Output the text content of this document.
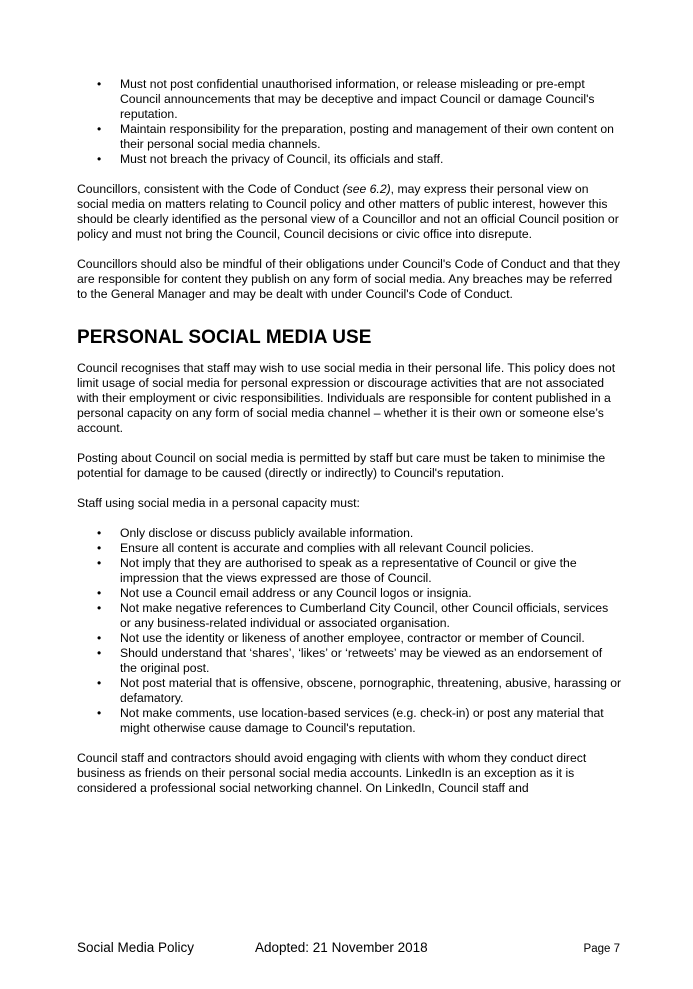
• Must not post confidential unauthorised information, or release misleading or pre-empt Council announcements that may be deceptive and impact Council or damage Council's reputation.
• Maintain responsibility for the preparation, posting and management of their own content on their personal social media channels.
• Must not breach the privacy of Council, its officials and staff.

Councillors, consistent with the Code of Conduct (see 6.2), may express their personal view on social media on matters relating to Council policy and other matters of public interest, however this should be clearly identified as the personal view of a Councillor and not an official Council position or policy and must not bring the Council, Council decisions or civic office into disrepute.

Councillors should also be mindful of their obligations under Council's Code of Conduct and that they are responsible for content they publish on any form of social media. Any breaches may be referred to the General Manager and may be dealt with under Council's Code of Conduct.

PERSONAL SOCIAL MEDIA USE

Council recognises that staff may wish to use social media in their personal life. This policy does not limit usage of social media for personal expression or discourage activities that are not associated with their employment or civic responsibilities. Individuals are responsible for content published in a personal capacity on any form of social media channel – whether it is their own or someone else’s account.

Posting about Council on social media is permitted by staff but care must be taken to minimise the potential for damage to be caused (directly or indirectly) to Council's reputation.

Staff using social media in a personal capacity must:

• Only disclose or discuss publicly available information.
• Ensure all content is accurate and complies with all relevant Council policies.
• Not imply that they are authorised to speak as a representative of Council or give the impression that the views expressed are those of Council.
• Not use a Council email address or any Council logos or insignia.
• Not make negative references to Cumberland City Council, other Council officials, services or any business-related individual or associated organisation.
• Not use the identity or likeness of another employee, contractor or member of Council.
• Should understand that ‘shares’, ‘likes’ or ‘retweets’ may be viewed as an endorsement of the original post.
• Not post material that is offensive, obscene, pornographic, threatening, abusive, harassing or defamatory.
• Not make comments, use location-based services (e.g. check-in) or post any material that might otherwise cause damage to Council's reputation.

Council staff and contractors should avoid engaging with clients with whom they conduct direct business as friends on their personal social media accounts. LinkedIn is an exception as it is considered a professional social networking channel. On LinkedIn, Council staff and

Social Media Policy	Adopted: 21 November 2018	Page 7
